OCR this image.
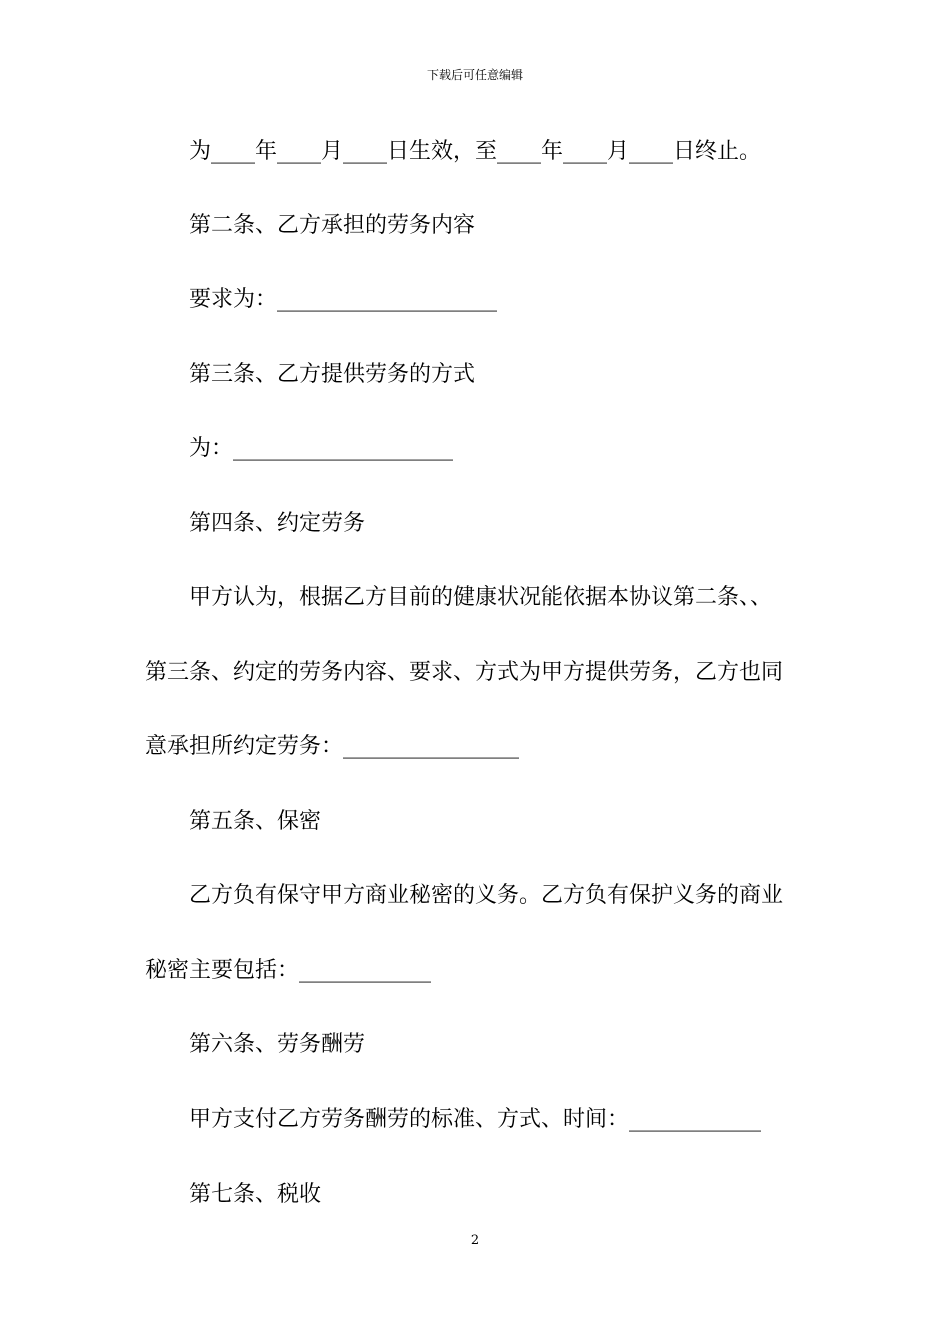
下载后可任意编辑

为____年____月____日生效，至____年____月____日终止。

第二条、乙方承担的劳务内容

要求为：____________________

第三条、乙方提供劳务的方式

为：____________________

第四条、约定劳务

甲方认为，根据乙方目前的健康状况能依据本协议第二条、、

第三条、约定的劳务内容、要求、方式为甲方提供劳务，乙方也同

意承担所约定劳务：________________

第五条、保密

乙方负有保守甲方商业秘密的义务。乙方负有保护义务的商业

秘密主要包括：____________

第六条、劳务酬劳

甲方支付乙方劳务酬劳的标准、方式、时间：____________

第七条、税收

2
